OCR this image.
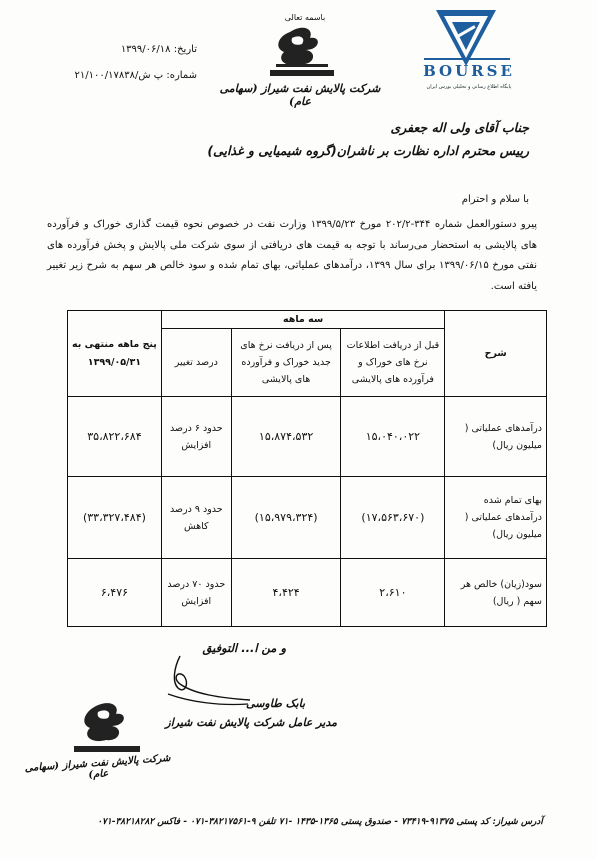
BOURSE
پایگاه اطلاع رسانی و تحلیلی بورس ایران
باسمه تعالی
شرکت پالایش نفت شیراز (سهامی عام)
تاریخ: ۱۳۹۹/۰۶/۱۸
شماره: پ ش/۲۱/۱۰۰/۱۷۸۳۸
جناب آقای ولی اله جعفری
رییس محترم اداره نظارت بر ناشران(گروه شیمیایی و غذایی)
با سلام و احترام
پیرو دستورالعمل شماره ۳۴۴-۲۰۲/۲ مورخ ۱۳۹۹/۵/۲۳ وزارت نفت در خصوص نحوه قیمت گذاری خوراک و فرآورده های پالایشی به استحضار می‌رساند با توجه به قیمت های دریافتی از سوی شرکت ملی پالایش و پخش فرآورده های نفتی مورخ ۱۳۹۹/۰۶/۱۵ برای سال ۱۳۹۹، درآمدهای عملیاتی، بهای تمام شده و سود خالص هر سهم به شرح زیر تغییر یافته است.
شرح	سه ماهه			پنج ماهه منتهی به ۱۳۹۹/۰۵/۳۱
	قبل از دریافت اطلاعات نرخ های خوراک و فرآورده های پالایشی	پس از دریافت نرخ های جدید خوراک و فرآورده های پالایشی	درصد تغییر	
درآمدهای عملیاتی ( میلیون ریال)	۱۵،۰۴۰،۰۲۲	۱۵،۸۷۴،۵۳۲	حدود ۶ درصد افزایش	۳۵،۸۲۲،۶۸۴
بهای تمام شده درآمدهای عملیاتی ( میلیون ریال)	(۱۷،۵۶۳،۶۷۰)	(۱۵،۹۷۹،۳۲۴)	حدود ۹ درصد کاهش	(۳۳،۳۲۷،۴۸۴)
سود(زیان) خالص هر سهم ( ریال)	۲،۶۱۰	۴،۴۲۴	حدود ۷۰ درصد افزایش	۶،۴۷۶
و من ا... التوفیق
بابک طاوسی
مدیر عامل شرکت پالایش نفت شیراز
شرکت پالایش نفت شیراز (سهامی عام)
آدرس شیراز: کد پستی ۹۱۳۷۵-۷۳۴۱۹ - صندوق پستی ۱۳۶۵-۱۴۳۵ -۷۱ تلفن ۹-۳۸۲۱۷۵۶۱-۰۷۱ - فاکس ۳۸۲۱۸۲۸۲-۰۷۱
